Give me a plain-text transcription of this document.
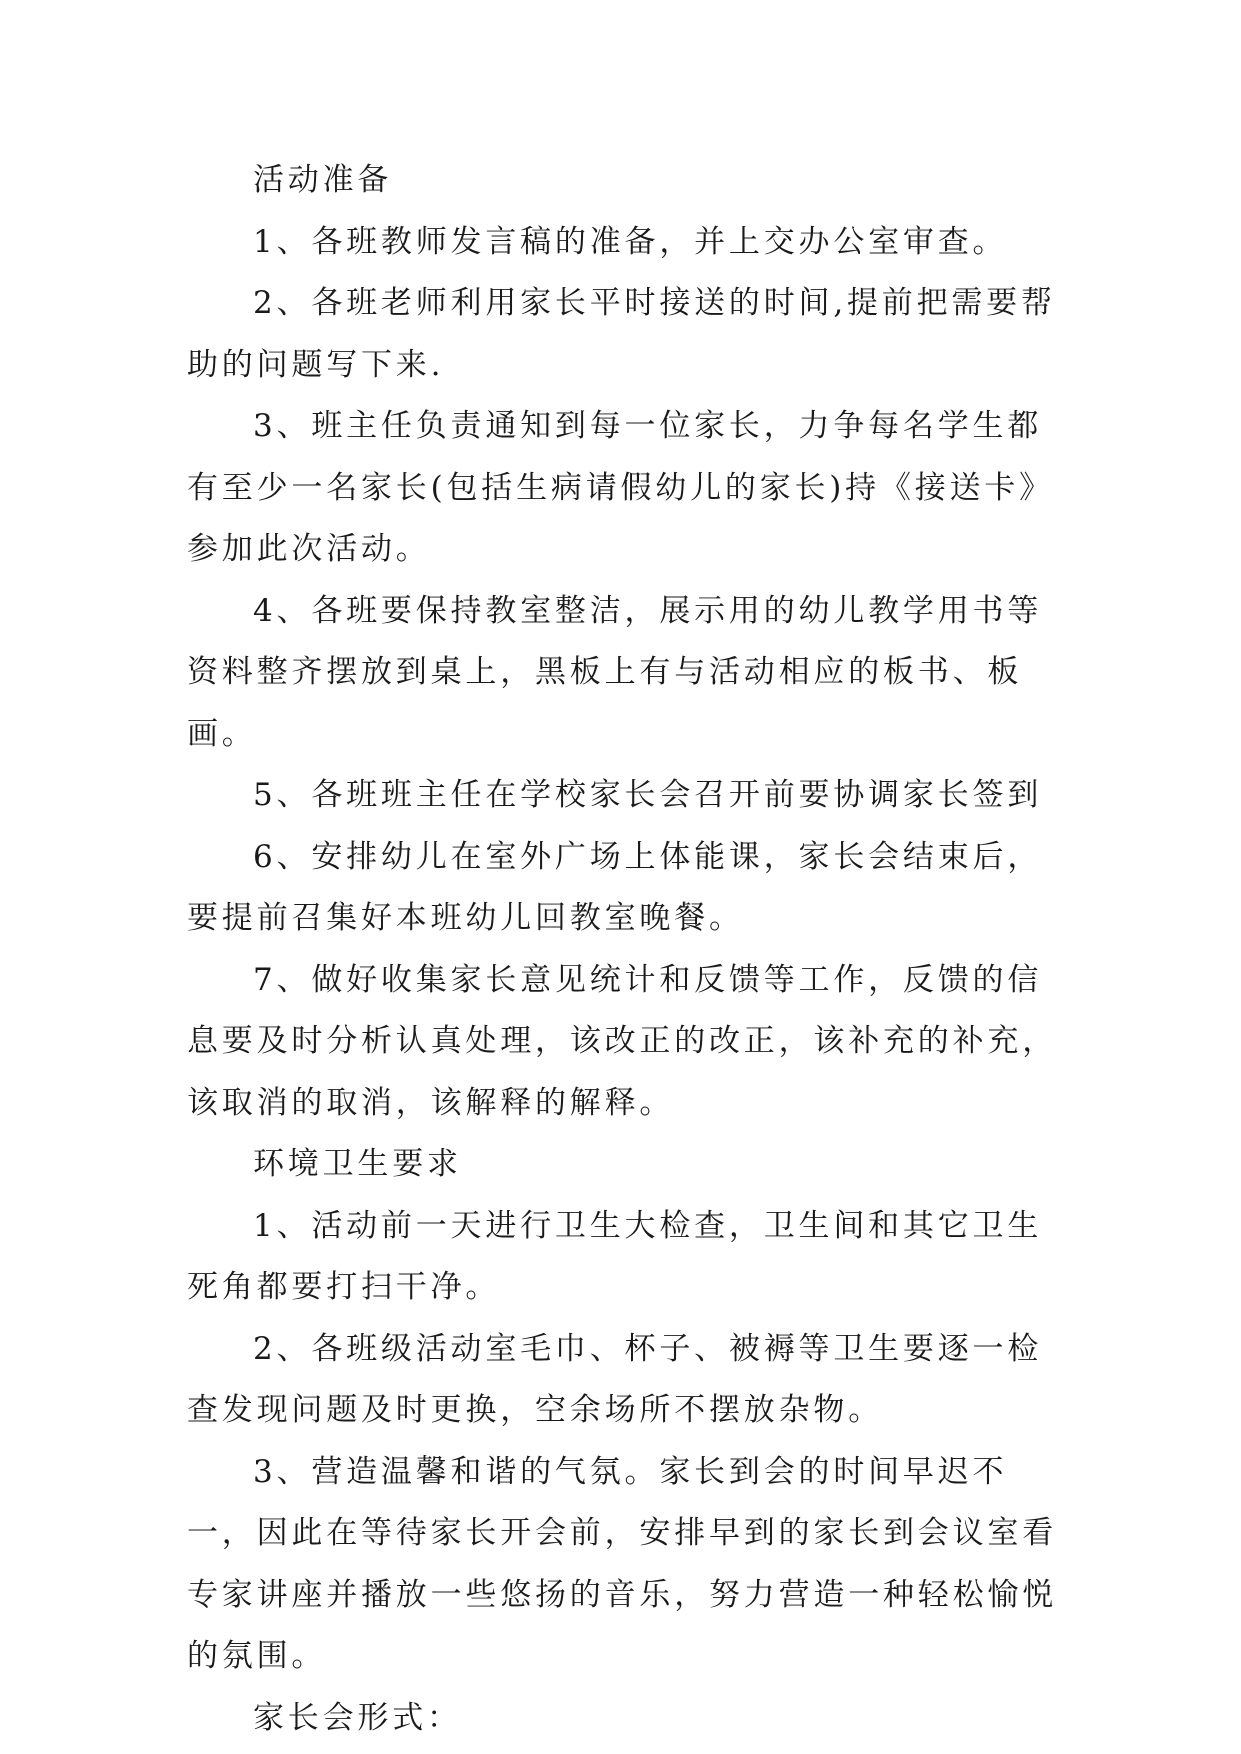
活动准备

1、各班教师发言稿的准备，并上交办公室审查。

2、各班老师利用家长平时接送的时间,提前把需要帮助的问题写下来.

3、班主任负责通知到每一位家长，力争每名学生都有至少一名家长(包括生病请假幼儿的家长)持《接送卡》参加此次活动。

4、各班要保持教室整洁，展示用的幼儿教学用书等资料整齐摆放到桌上，黑板上有与活动相应的板书、板画。

5、各班班主任在学校家长会召开前要协调家长签到

6、安排幼儿在室外广场上体能课，家长会结束后，要提前召集好本班幼儿回教室晚餐。

7、做好收集家长意见统计和反馈等工作，反馈的信息要及时分析认真处理，该改正的改正，该补充的补充，该取消的取消，该解释的解释。

环境卫生要求

1、活动前一天进行卫生大检查，卫生间和其它卫生死角都要打扫干净。

2、各班级活动室毛巾、杯子、被褥等卫生要逐一检查发现问题及时更换，空余场所不摆放杂物。

3、营造温馨和谐的气氛。家长到会的时间早迟不一，因此在等待家长开会前，安排早到的家长到会议室看专家讲座并播放一些悠扬的音乐，努力营造一种轻松愉悦的氛围。

家长会形式：
